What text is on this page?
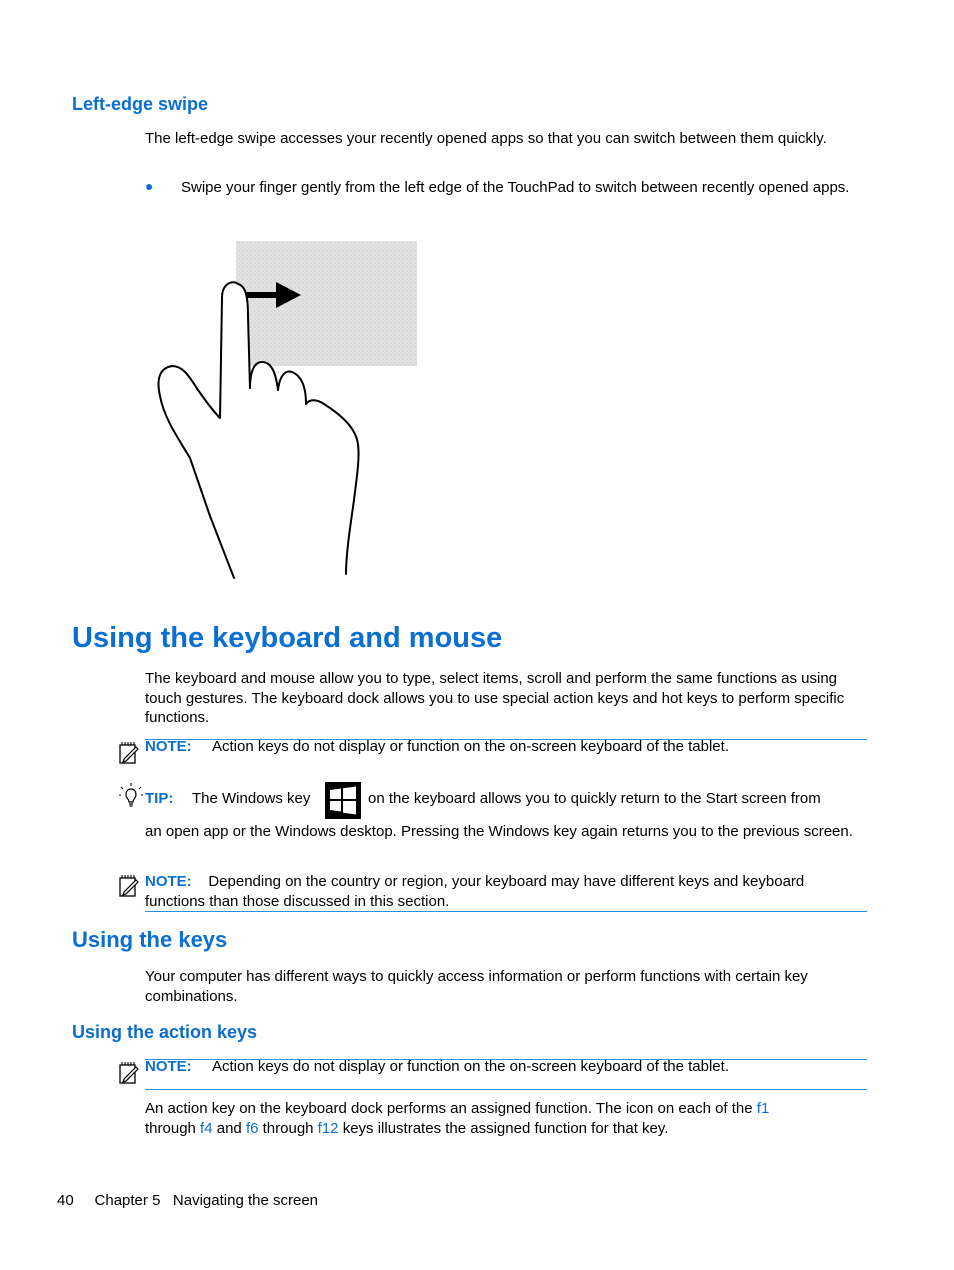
Left-edge swipe
The left-edge swipe accesses your recently opened apps so that you can switch between them quickly.
● Swipe your finger gently from the left edge of the TouchPad to switch between recently opened apps.
Using the keyboard and mouse
The keyboard and mouse allow you to type, select items, scroll and perform the same functions as using touch gestures. The keyboard dock allows you to use special action keys and hot keys to perform specific functions.
NOTE: Action keys do not display or function on the on-screen keyboard of the tablet.
TIP: The Windows key	on the keyboard allows you to quickly return to the Start screen from
an open app or the Windows desktop. Pressing the Windows key again returns you to the previous screen.
NOTE: Depending on the country or region, your keyboard may have different keys and keyboard functions than those discussed in this section.
Using the keys
Your computer has different ways to quickly access information or perform functions with certain key combinations.
Using the action keys
NOTE: Action keys do not display or function on the on-screen keyboard of the tablet.
An action key on the keyboard dock performs an assigned function. The icon on each of the f1
through f4 and f6 through f12 keys illustrates the assigned function for that key.
40 Chapter 5 Navigating the screen
